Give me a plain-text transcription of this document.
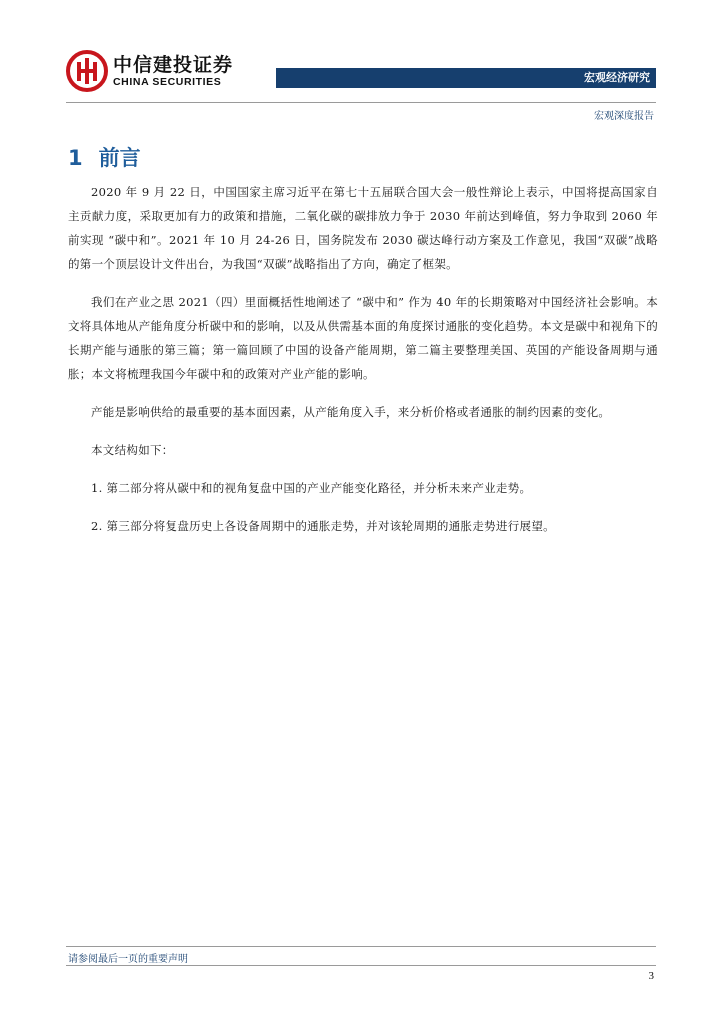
中信建投证券
CHINA SECURITIES	宏观经济研究
宏观深度报告
1 前言

2020 年 9 月 22 日，中国国家主席习近平在第七十五届联合国大会一般性辩论上表示，中国将提高国家自主贡献力度，采取更加有力的政策和措施，二氧化碳的碳排放力争于 2030 年前达到峰值，努力争取到 2060 年前实现 “碳中和”。2021 年 10 月 24-26 日，国务院发布 2030 碳达峰行动方案及工作意见，我国“双碳”战略的第一个顶层设计文件出台，为我国“双碳”战略指出了方向，确定了框架。

我们在产业之思 2021（四）里面概括性地阐述了 “碳中和” 作为 40 年的长期策略对中国经济社会影响。本文将具体地从产能角度分析碳中和的影响，以及从供需基本面的角度探讨通胀的变化趋势。本文是碳中和视角下的长期产能与通胀的第三篇；第一篇回顾了中国的设备产能周期，第二篇主要整理美国、英国的产能设备周期与通胀；本文将梳理我国今年碳中和的政策对产业产能的影响。

产能是影响供给的最重要的基本面因素，从产能角度入手，来分析价格或者通胀的制约因素的变化。

本文结构如下：

1. 第二部分将从碳中和的视角复盘中国的产业产能变化路径，并分析未来产业走势。

2. 第三部分将复盘历史上各设备周期中的通胀走势，并对该轮周期的通胀走势进行展望。

请参阅最后一页的重要声明
3
